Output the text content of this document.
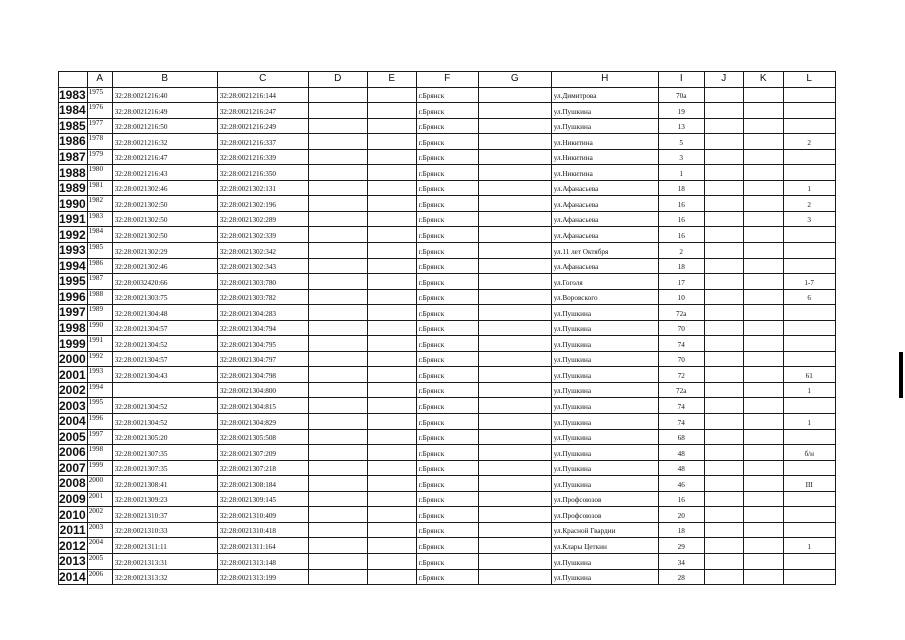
	A	B	C	D	E	F	G	H	I	J	K	L
1983	1975	32:28:0021216:40	32:28:0021216:144			г.Брянск		ул.Димитрова	70а			
1984	1976	32:28:0021216:49	32:28:0021216:247			г.Брянск		ул.Пушкина	19			
1985	1977	32:28:0021216:50	32:28:0021216:249			г.Брянск		ул.Пушкина	13			
1986	1978	32:28:0021216:32	32:28:0021216:337			г.Брянск		ул.Никитина	5			2
1987	1979	32:28:0021216:47	32:28:0021216:339			г.Брянск		ул.Никитина	3			
1988	1980	32:28:0021216:43	32:28:0021216:350			г.Брянск		ул.Никитина	1			
1989	1981	32:28:0021302:46	32:28:0021302:131			г.Брянск		ул.Афанасьева	18			1
1990	1982	32:28:0021302:50	32:28:0021302:196			г.Брянск		ул.Афанасьева	16			2
1991	1983	32:28:0021302:50	32:28:0021302:289			г.Брянск		ул.Афанасьева	16			3
1992	1984	32:28:0021302:50	32:28:0021302:339			г.Брянск		ул.Афанасьева	16			
1993	1985	32:28:0021302:29	32:28:0021302:342			г.Брянск		ул.11 лет Октября	2			
1994	1986	32:28:0021302:46	32:28:0021302:343			г.Брянск		ул.Афанасьева	18			
1995	1987	32:28:0032420:66	32:28:0021303:780			г.Брянск		ул.Гоголя	17			1-7
1996	1988	32:28:0021303:75	32:28:0021303:782			г.Брянск		ул.Воровского	10			6
1997	1989	32:28:0021304:48	32:28:0021304:283			г.Брянск		ул.Пушкина	72а			
1998	1990	32:28:0021304:57	32:28:0021304:794			г.Брянск		ул.Пушкина	70			
1999	1991	32:28:0021304:52	32:28:0021304:795			г.Брянск		ул.Пушкина	74			
2000	1992	32:28:0021304:57	32:28:0021304:797			г.Брянск		ул.Пушкина	70			
2001	1993	32:28:0021304:43	32:28:0021304:798			г.Брянск		ул.Пушкина	72			61
2002	1994		32:28:0021304:800			г.Брянск		ул.Пушкина	72а			1
2003	1995	32:28:0021304:52	32:28:0021304:815			г.Брянск		ул.Пушкина	74			
2004	1996	32:28:0021304:52	32:28:0021304:829			г.Брянск		ул.Пушкина	74			1
2005	1997	32:28:0021305:20	32:28:0021305:508			г.Брянск		ул.Пушкина	68			
2006	1998	32:28:0021307:35	32:28:0021307:209			г.Брянск		ул.Пушкина	48			б/н
2007	1999	32:28:0021307:35	32:28:0021307:218			г.Брянск		ул.Пушкина	48			
2008	2000	32:28:0021308:41	32:28:0021308:184			г.Брянск		ул.Пушкина	46			III
2009	2001	32:28:0021309:23	32:28:0021309:145			г.Брянск		ул.Профсоюзов	16			
2010	2002	32:28:0021310:37	32:28:0021310:409			г.Брянск		ул.Профсоюзов	20			
2011	2003	32:28:0021310:33	32:28:0021310:418			г.Брянск		ул.Красной Гвардии	18			
2012	2004	32:28:0021311:11	32:28:0021311:164			г.Брянск		ул.Клары Цеткин	29			1
2013	2005	32:28:0021313:31	32:28:0021313:148			г.Брянск		ул.Пушкина	34			
2014	2006	32:28:0021313:32	32:28:0021313:199			г.Брянск		ул.Пушкина	28			
